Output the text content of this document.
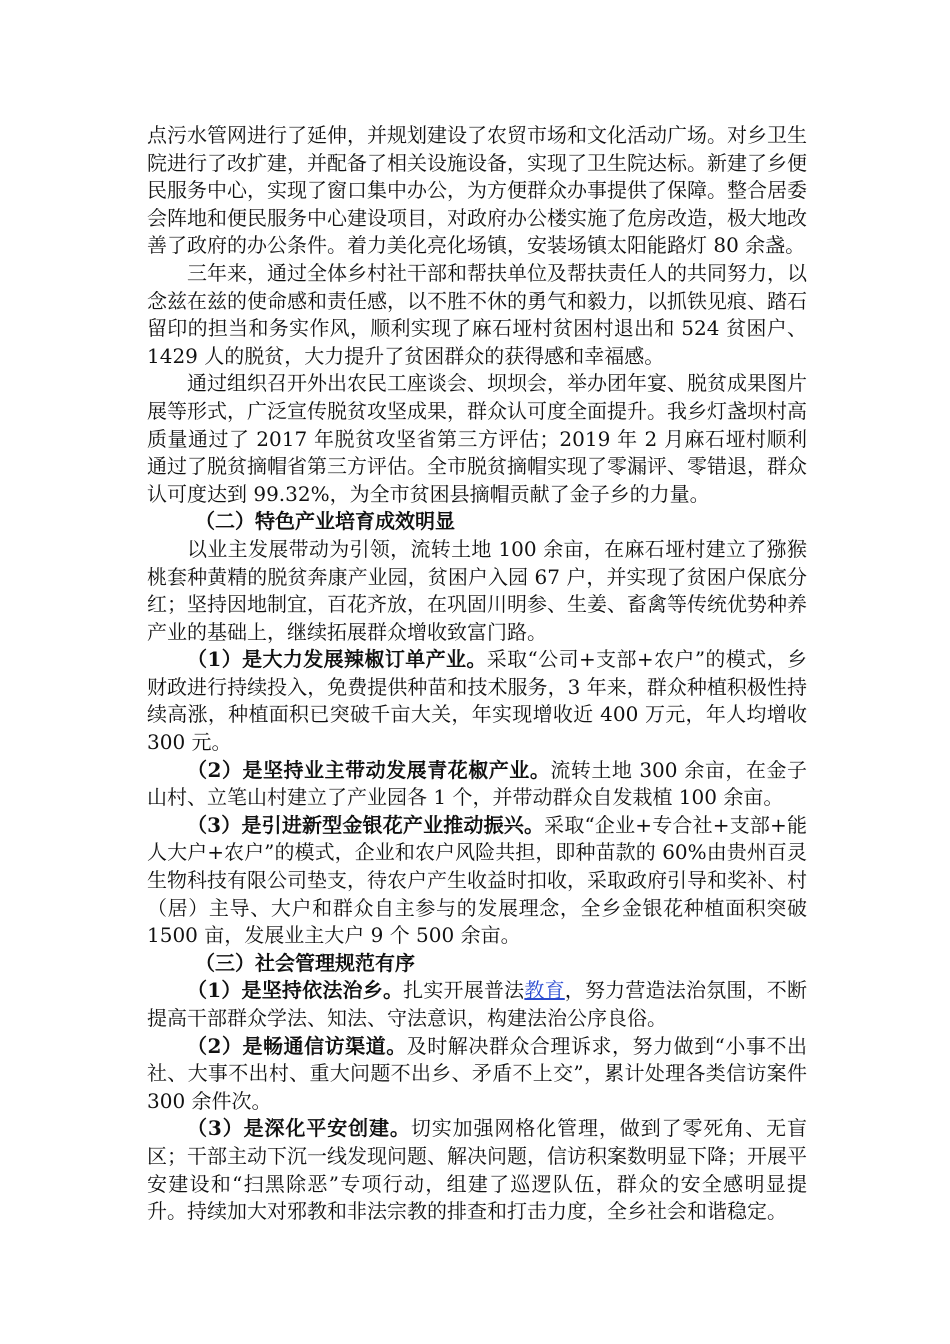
点污水管网进行了延伸，并规划建设了农贸市场和文化活动广场。对乡卫生院进行了改扩建，并配备了相关设施设备，实现了卫生院达标。新建了乡便民服务中心，实现了窗口集中办公，为方便群众办事提供了保障。整合居委会阵地和便民服务中心建设项目，对政府办公楼实施了危房改造，极大地改善了政府的办公条件。着力美化亮化场镇，安装场镇太阳能路灯 80 余盏。

三年来，通过全体乡村社干部和帮扶单位及帮扶责任人的共同努力，以念兹在兹的使命感和责任感，以不胜不休的勇气和毅力，以抓铁见痕、踏石留印的担当和务实作风，顺利实现了麻石垭村贫困村退出和 524 贫困户、1429 人的脱贫，大力提升了贫困群众的获得感和幸福感。

通过组织召开外出农民工座谈会、坝坝会，举办团年宴、脱贫成果图片展等形式，广泛宣传脱贫攻坚成果，群众认可度全面提升。我乡灯盏坝村高质量通过了 2017 年脱贫攻坚省第三方评估；2019 年 2 月麻石垭村顺利通过了脱贫摘帽省第三方评估。全市脱贫摘帽实现了零漏评、零错退，群众认可度达到 99.32%，为全市贫困县摘帽贡献了金子乡的力量。

（二）特色产业培育成效明显

以业主发展带动为引领，流转土地 100 余亩，在麻石垭村建立了猕猴桃套种黄精的脱贫奔康产业园，贫困户入园 67 户，并实现了贫困户保底分红；坚持因地制宜，百花齐放，在巩固川明参、生姜、畜禽等传统优势种养产业的基础上，继续拓展群众增收致富门路。

（1）是大力发展辣椒订单产业。采取“公司+支部+农户”的模式，乡财政进行持续投入，免费提供种苗和技术服务，3 年来，群众种植积极性持续高涨，种植面积已突破千亩大关，年实现增收近 400 万元，年人均增收 300 元。

（2）是坚持业主带动发展青花椒产业。流转土地 300 余亩，在金子山村、立笔山村建立了产业园各 1 个，并带动群众自发栽植 100 余亩。

（3）是引进新型金银花产业推动振兴。采取“企业+专合社+支部+能人大户+农户”的模式，企业和农户风险共担，即种苗款的 60%由贵州百灵生物科技有限公司垫支，待农户产生收益时扣收，采取政府引导和奖补、村（居）主导、大户和群众自主参与的发展理念，全乡金银花种植面积突破 1500 亩，发展业主大户 9 个 500 余亩。

（三）社会管理规范有序

（1）是坚持依法治乡。扎实开展普法教育，努力营造法治氛围，不断提高干部群众学法、知法、守法意识，构建法治公序良俗。

（2）是畅通信访渠道。及时解决群众合理诉求，努力做到“小事不出社、大事不出村、重大问题不出乡、矛盾不上交”，累计处理各类信访案件 300 余件次。

（3）是深化平安创建。切实加强网格化管理，做到了零死角、无盲区；干部主动下沉一线发现问题、解决问题，信访积案数明显下降；开展平安建设和“扫黑除恶”专项行动，组建了巡逻队伍，群众的安全感明显提升。持续加大对邪教和非法宗教的排查和打击力度，全乡社会和谐稳定。
